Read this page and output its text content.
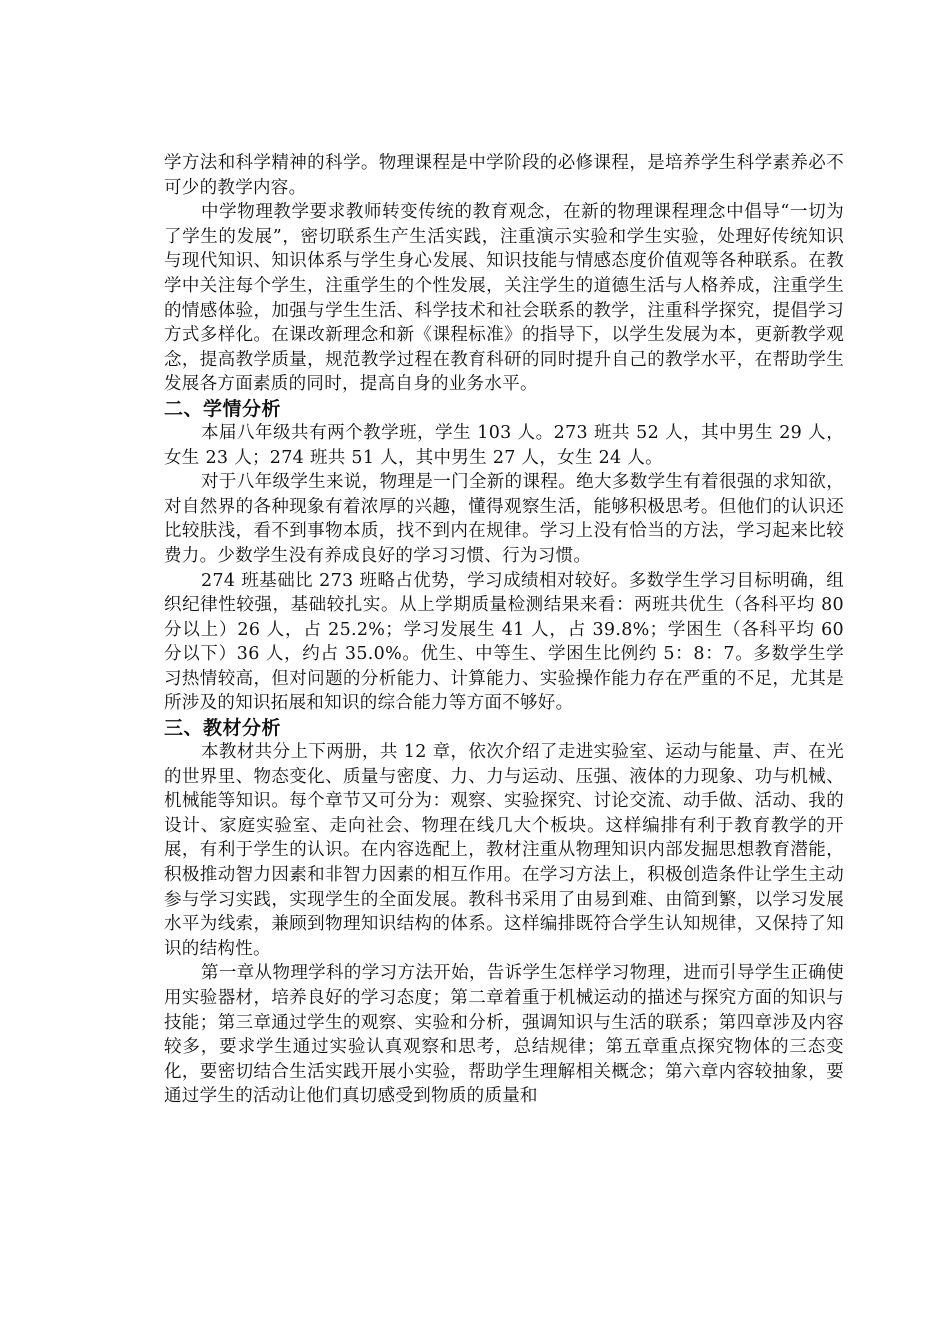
学方法和科学精神的科学。物理课程是中学阶段的必修课程，是培养学生科学素养必不可少的教学内容。

中学物理教学要求教师转变传统的教育观念，在新的物理课程理念中倡导“一切为了学生的发展”，密切联系生产生活实践，注重演示实验和学生实验，处理好传统知识与现代知识、知识体系与学生身心发展、知识技能与情感态度价值观等各种联系。在教学中关注每个学生，注重学生的个性发展，关注学生的道德生活与人格养成，注重学生的情感体验，加强与学生生活、科学技术和社会联系的教学，注重科学探究，提倡学习方式多样化。在课改新理念和新《课程标准》的指导下，以学生发展为本，更新教学观念，提高教学质量，规范教学过程在教育科研的同时提升自己的教学水平，在帮助学生发展各方面素质的同时，提高自身的业务水平。

二、学情分析

本届八年级共有两个教学班，学生 103 人。273 班共 52 人，其中男生 29 人，女生 23 人；274 班共 51 人，其中男生 27 人，女生 24 人。

对于八年级学生来说，物理是一门全新的课程。绝大多数学生有着很强的求知欲，对自然界的各种现象有着浓厚的兴趣，懂得观察生活，能够积极思考。但他们的认识还比较肤浅，看不到事物本质，找不到内在规律。学习上没有恰当的方法，学习起来比较费力。少数学生没有养成良好的学习习惯、行为习惯。

274 班基础比 273 班略占优势，学习成绩相对较好。多数学生学习目标明确，组织纪律性较强，基础较扎实。从上学期质量检测结果来看：两班共优生（各科平均 80 分以上）26 人，占 25.2%；学习发展生 41 人，占 39.8%；学困生（各科平均 60 分以下）36 人，约占 35.0%。优生、中等生、学困生比例约 5：8：7。多数学生学习热情较高，但对问题的分析能力、计算能力、实验操作能力存在严重的不足，尤其是所涉及的知识拓展和知识的综合能力等方面不够好。

三、教材分析

本教材共分上下两册，共 12 章，依次介绍了走进实验室、运动与能量、声、在光的世界里、物态变化、质量与密度、力、力与运动、压强、液体的力现象、功与机械、机械能等知识。每个章节又可分为：观察、实验探究、讨论交流、动手做、活动、我的设计、家庭实验室、走向社会、物理在线几大个板块。这样编排有利于教育教学的开展，有利于学生的认识。在内容选配上，教材注重从物理知识内部发掘思想教育潜能，积极推动智力因素和非智力因素的相互作用。在学习方法上，积极创造条件让学生主动参与学习实践，实现学生的全面发展。教科书采用了由易到难、由简到繁，以学习发展水平为线索，兼顾到物理知识结构的体系。这样编排既符合学生认知规律，又保持了知识的结构性。

第一章从物理学科的学习方法开始，告诉学生怎样学习物理，进而引导学生正确使用实验器材，培养良好的学习态度；第二章着重于机械运动的描述与探究方面的知识与技能；第三章通过学生的观察、实验和分析，强调知识与生活的联系；第四章涉及内容较多，要求学生通过实验认真观察和思考，总结规律；第五章重点探究物体的三态变化，要密切结合生活实践开展小实验，帮助学生理解相关概念；第六章内容较抽象，要通过学生的活动让他们真切感受到物质的质量和
